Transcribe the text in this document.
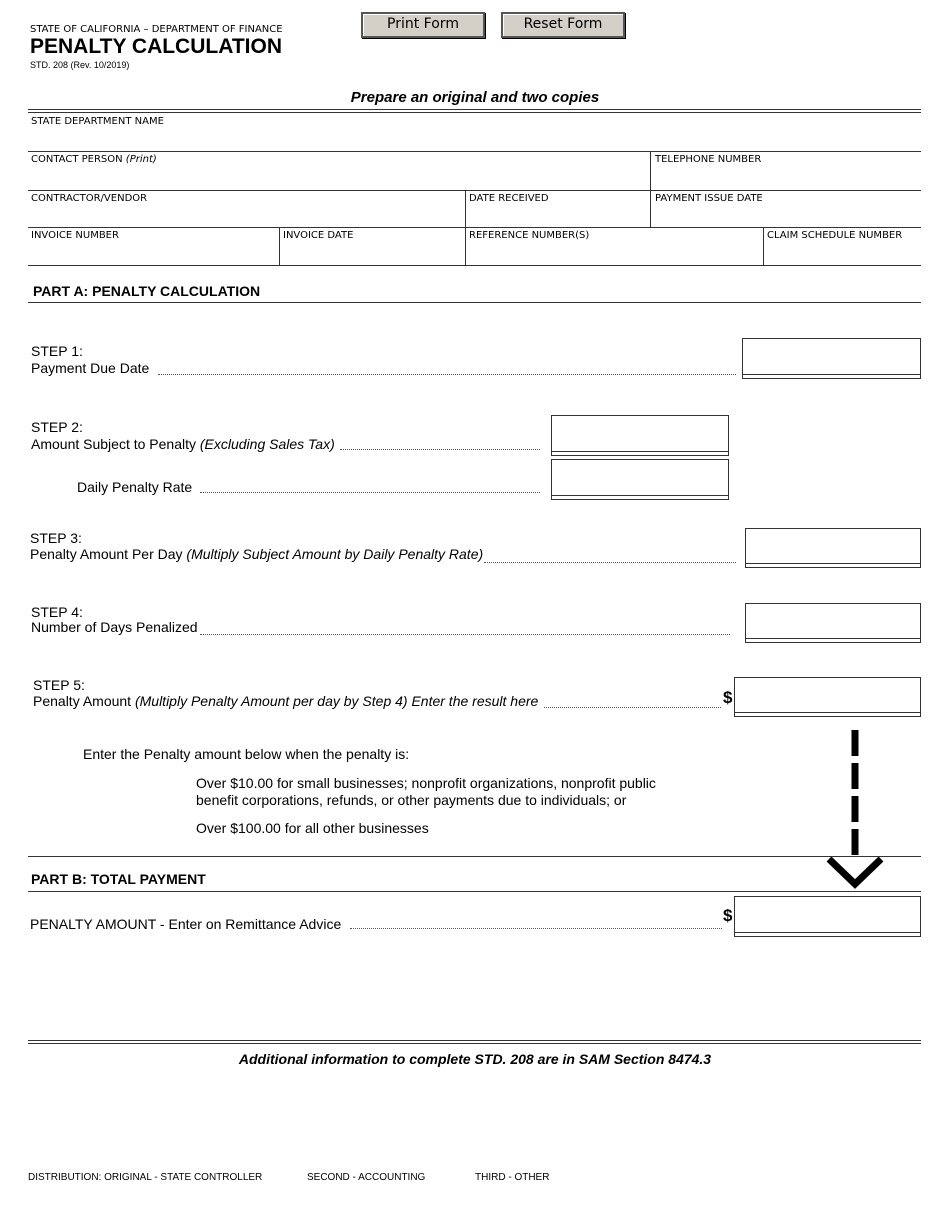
STATE OF CALIFORNIA – DEPARTMENT OF FINANCE
PENALTY CALCULATION
STD. 208 (Rev. 10/2019)
Print Form	Reset Form
Prepare an original and two copies
STATE DEPARTMENT NAME
CONTACT PERSON (Print)	TELEPHONE NUMBER
CONTRACTOR/VENDOR	DATE RECEIVED	PAYMENT ISSUE DATE
INVOICE NUMBER	INVOICE DATE	REFERENCE NUMBER(S)	CLAIM SCHEDULE NUMBER
PART A: PENALTY CALCULATION
STEP 1:
Payment Due Date
STEP 2:
Amount Subject to Penalty (Excluding Sales Tax)
Daily Penalty Rate
STEP 3:
Penalty Amount Per Day (Multiply Subject Amount by Daily Penalty Rate)
STEP 4:
Number of Days Penalized
STEP 5:
Penalty Amount (Multiply Penalty Amount per day by Step 4) Enter the result here	$
Enter the Penalty amount below when the penalty is:
Over $10.00 for small businesses; nonprofit organizations, nonprofit public
benefit corporations, refunds, or other payments due to individuals; or
Over $100.00 for all other businesses
PART B: TOTAL PAYMENT
PENALTY AMOUNT - Enter on Remittance Advice	$
Additional information to complete STD. 208 are in SAM Section 8474.3
DISTRIBUTION: ORIGINAL - STATE CONTROLLER	SECOND - ACCOUNTING	THIRD - OTHER
